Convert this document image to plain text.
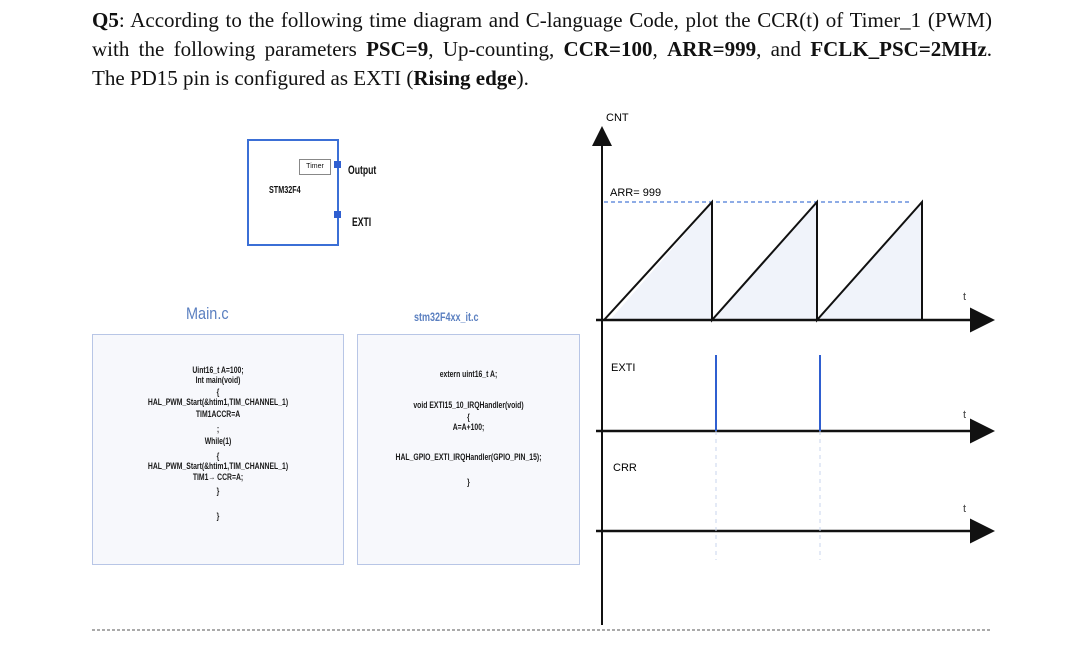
Q5: According to the following time diagram and C-language Code, plot the CCR(t) of Timer_1 (PWM) with the following parameters PSC=9, Up-counting, CCR=100, ARR=999, and FCLK_PSC=2MHz. The PD15 pin is configured as EXTI (Rising edge).
Timer
STM32F4
Output
EXTI
Main.c	stm32F4xx_it.c
Uint16_t A=100;
Int main(void)
{
HAL_PWM_Start(&htim1,TIM_CHANNEL_1)
TIM1ACCR=A
;
While(1)
{
HAL_PWM_Start(&htim1,TIM_CHANNEL_1)
TIM1→ CCR=A;
}
}
extern uint16_t A;
void EXTI15_10_IRQHandler(void)
{
A=A+100;
HAL_GPIO_EXTI_IRQHandler(GPIO_PIN_15);
}
CNT
ARR= 999
EXTI
CRR
t
t
t
